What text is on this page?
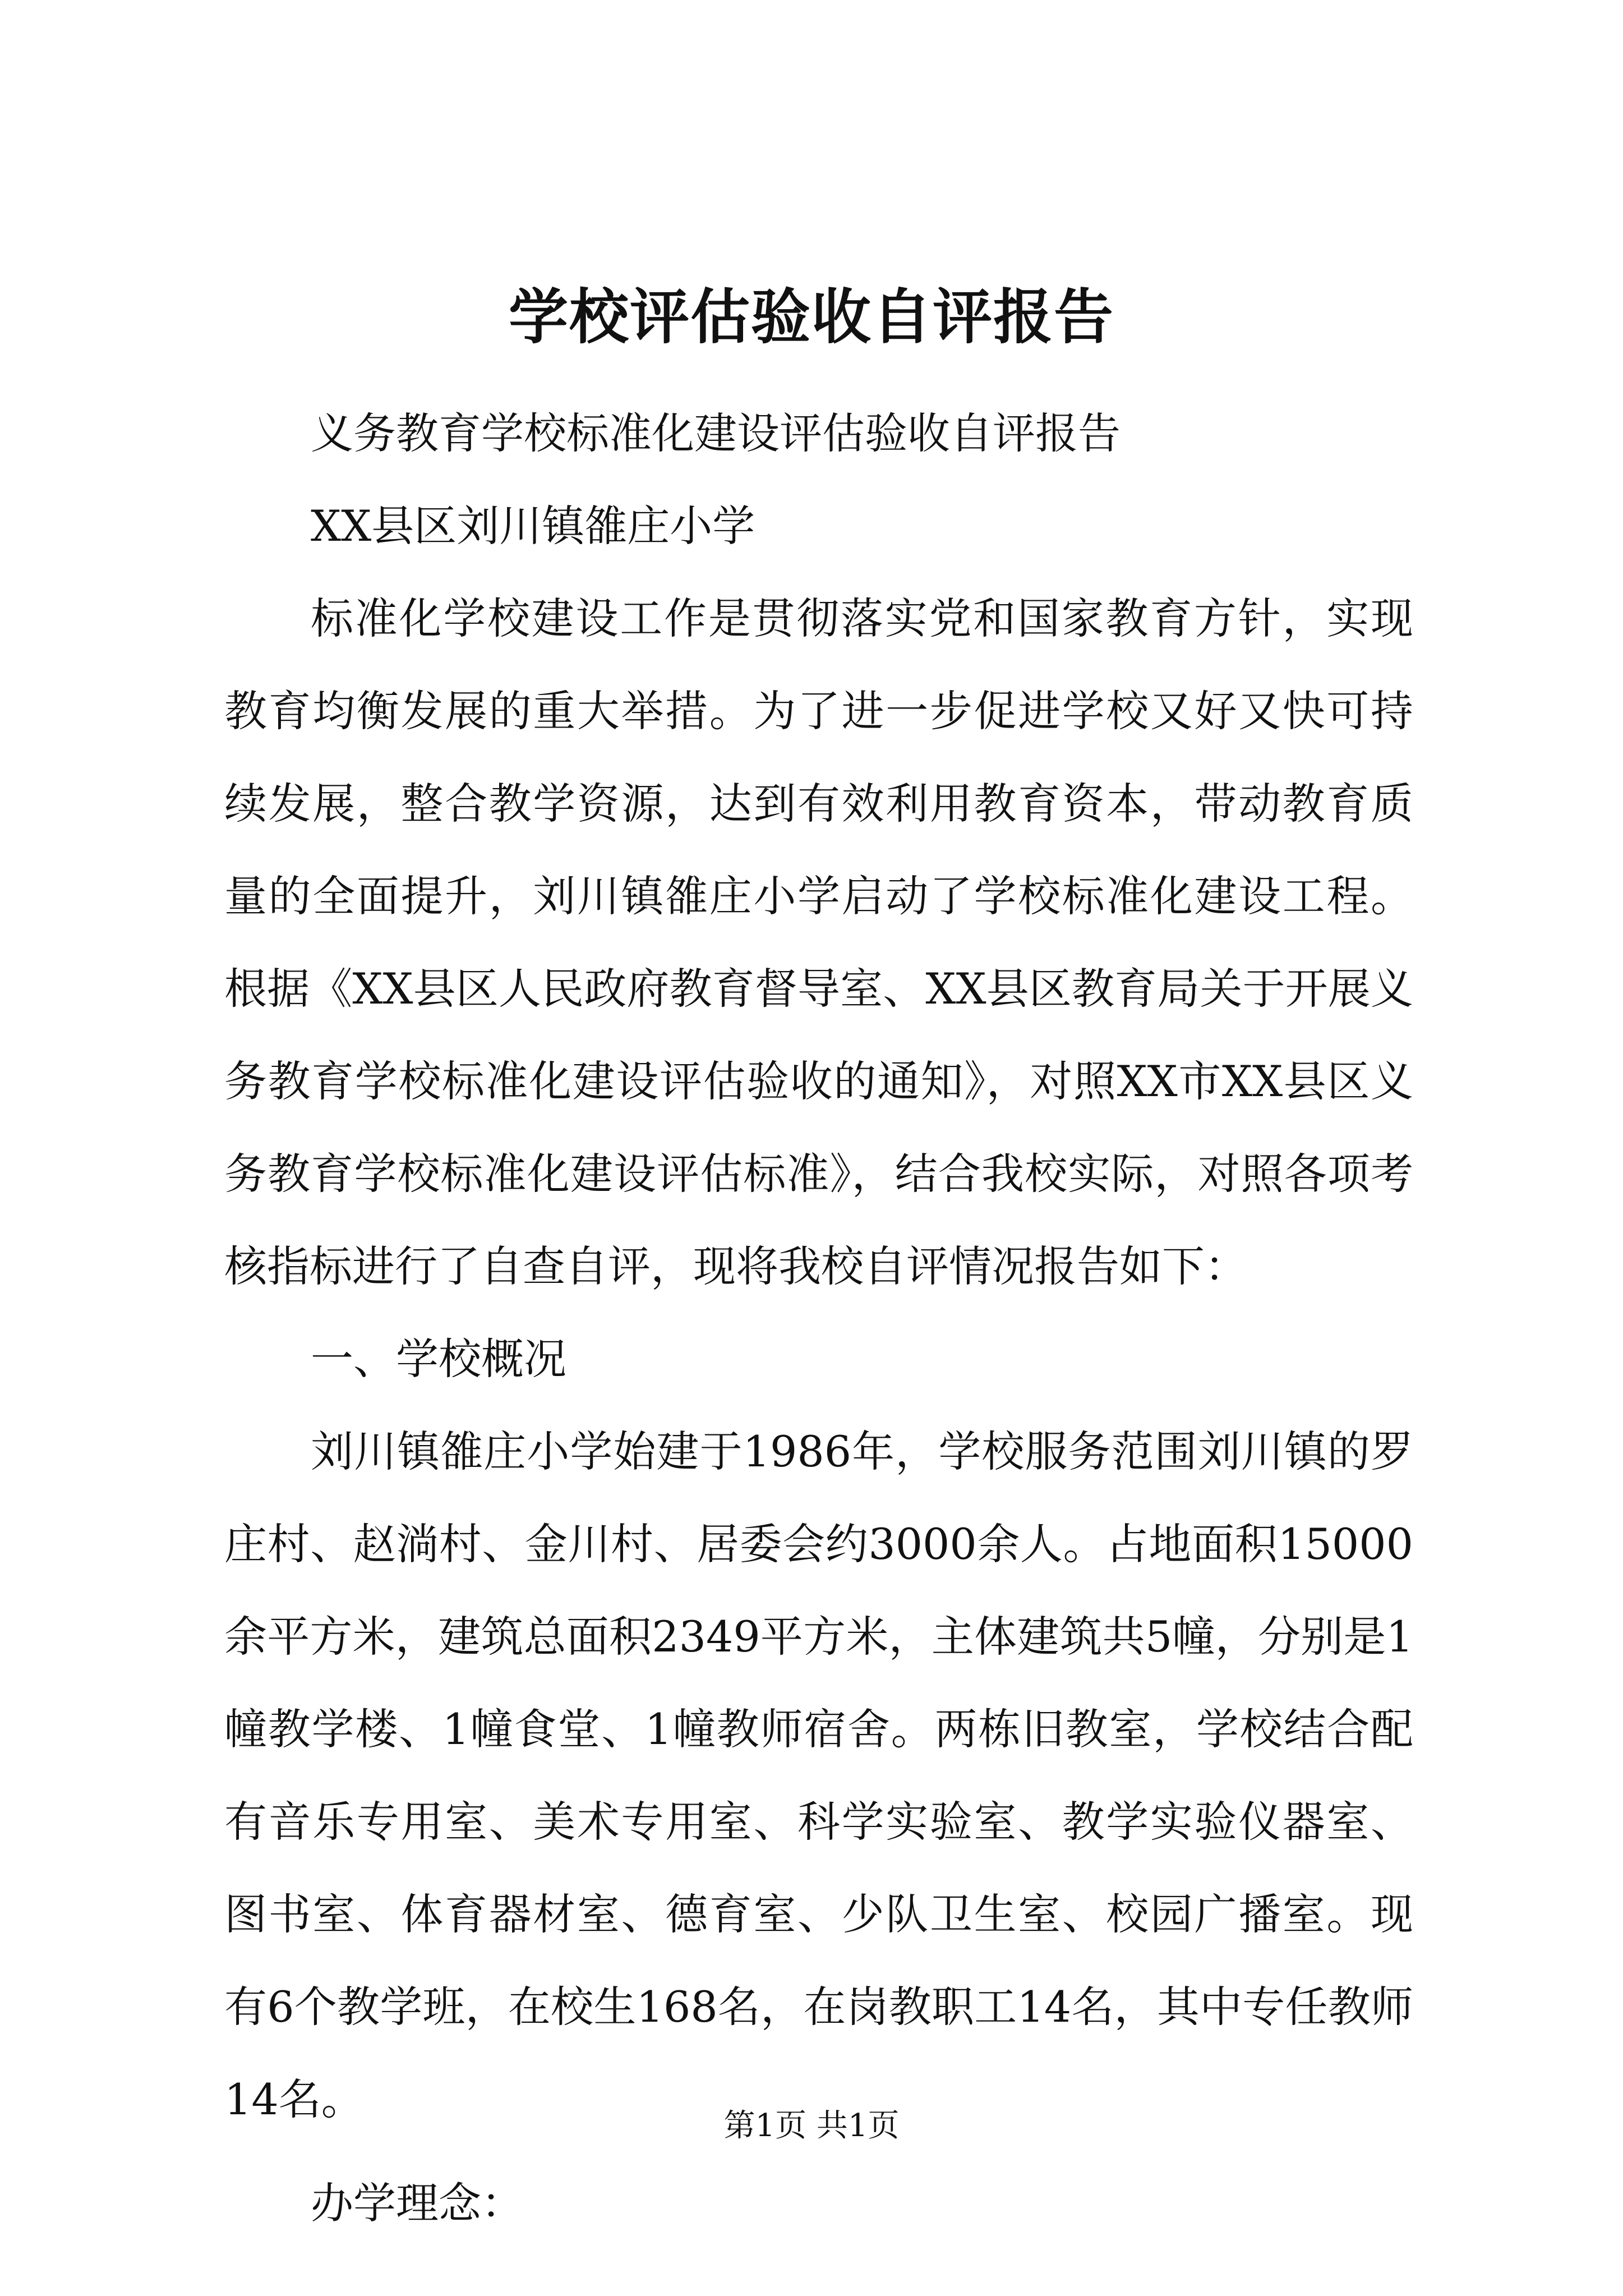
学校评估验收自评报告

义务教育学校标准化建设评估验收自评报告

XX县区刘川镇雒庄小学

标准化学校建设工作是贯彻落实党和国家教育方针，实现教育均衡发展的重大举措。为了进一步促进学校又好又快可持续发展，整合教学资源，达到有效利用教育资本，带动教育质量的全面提升，刘川镇雒庄小学启动了学校标准化建设工程。根据《XX县区人民政府教育督导室、XX县区教育局关于开展义务教育学校标准化建设评估验收的通知》，对照XX市XX县区义务教育学校标准化建设评估标准》，结合我校实际，对照各项考核指标进行了自查自评，现将我校自评情况报告如下：

一、学校概况

刘川镇雒庄小学始建于1986年，学校服务范围刘川镇的罗庄村、赵淌村、金川村、居委会约3000余人。占地面积15000余平方米，建筑总面积2349平方米，主体建筑共5幢，分别是1幢教学楼、1幢食堂、1幢教师宿舍。两栋旧教室，学校结合配有音乐专用室、美术专用室、科学实验室、教学实验仪器室、图书室、体育器材室、德育室、少队卫生室、校园广播室。现有6个教学班，在校生168名，在岗教职工14名，其中专任教师14名。

办学理念：

第1页 共1页
